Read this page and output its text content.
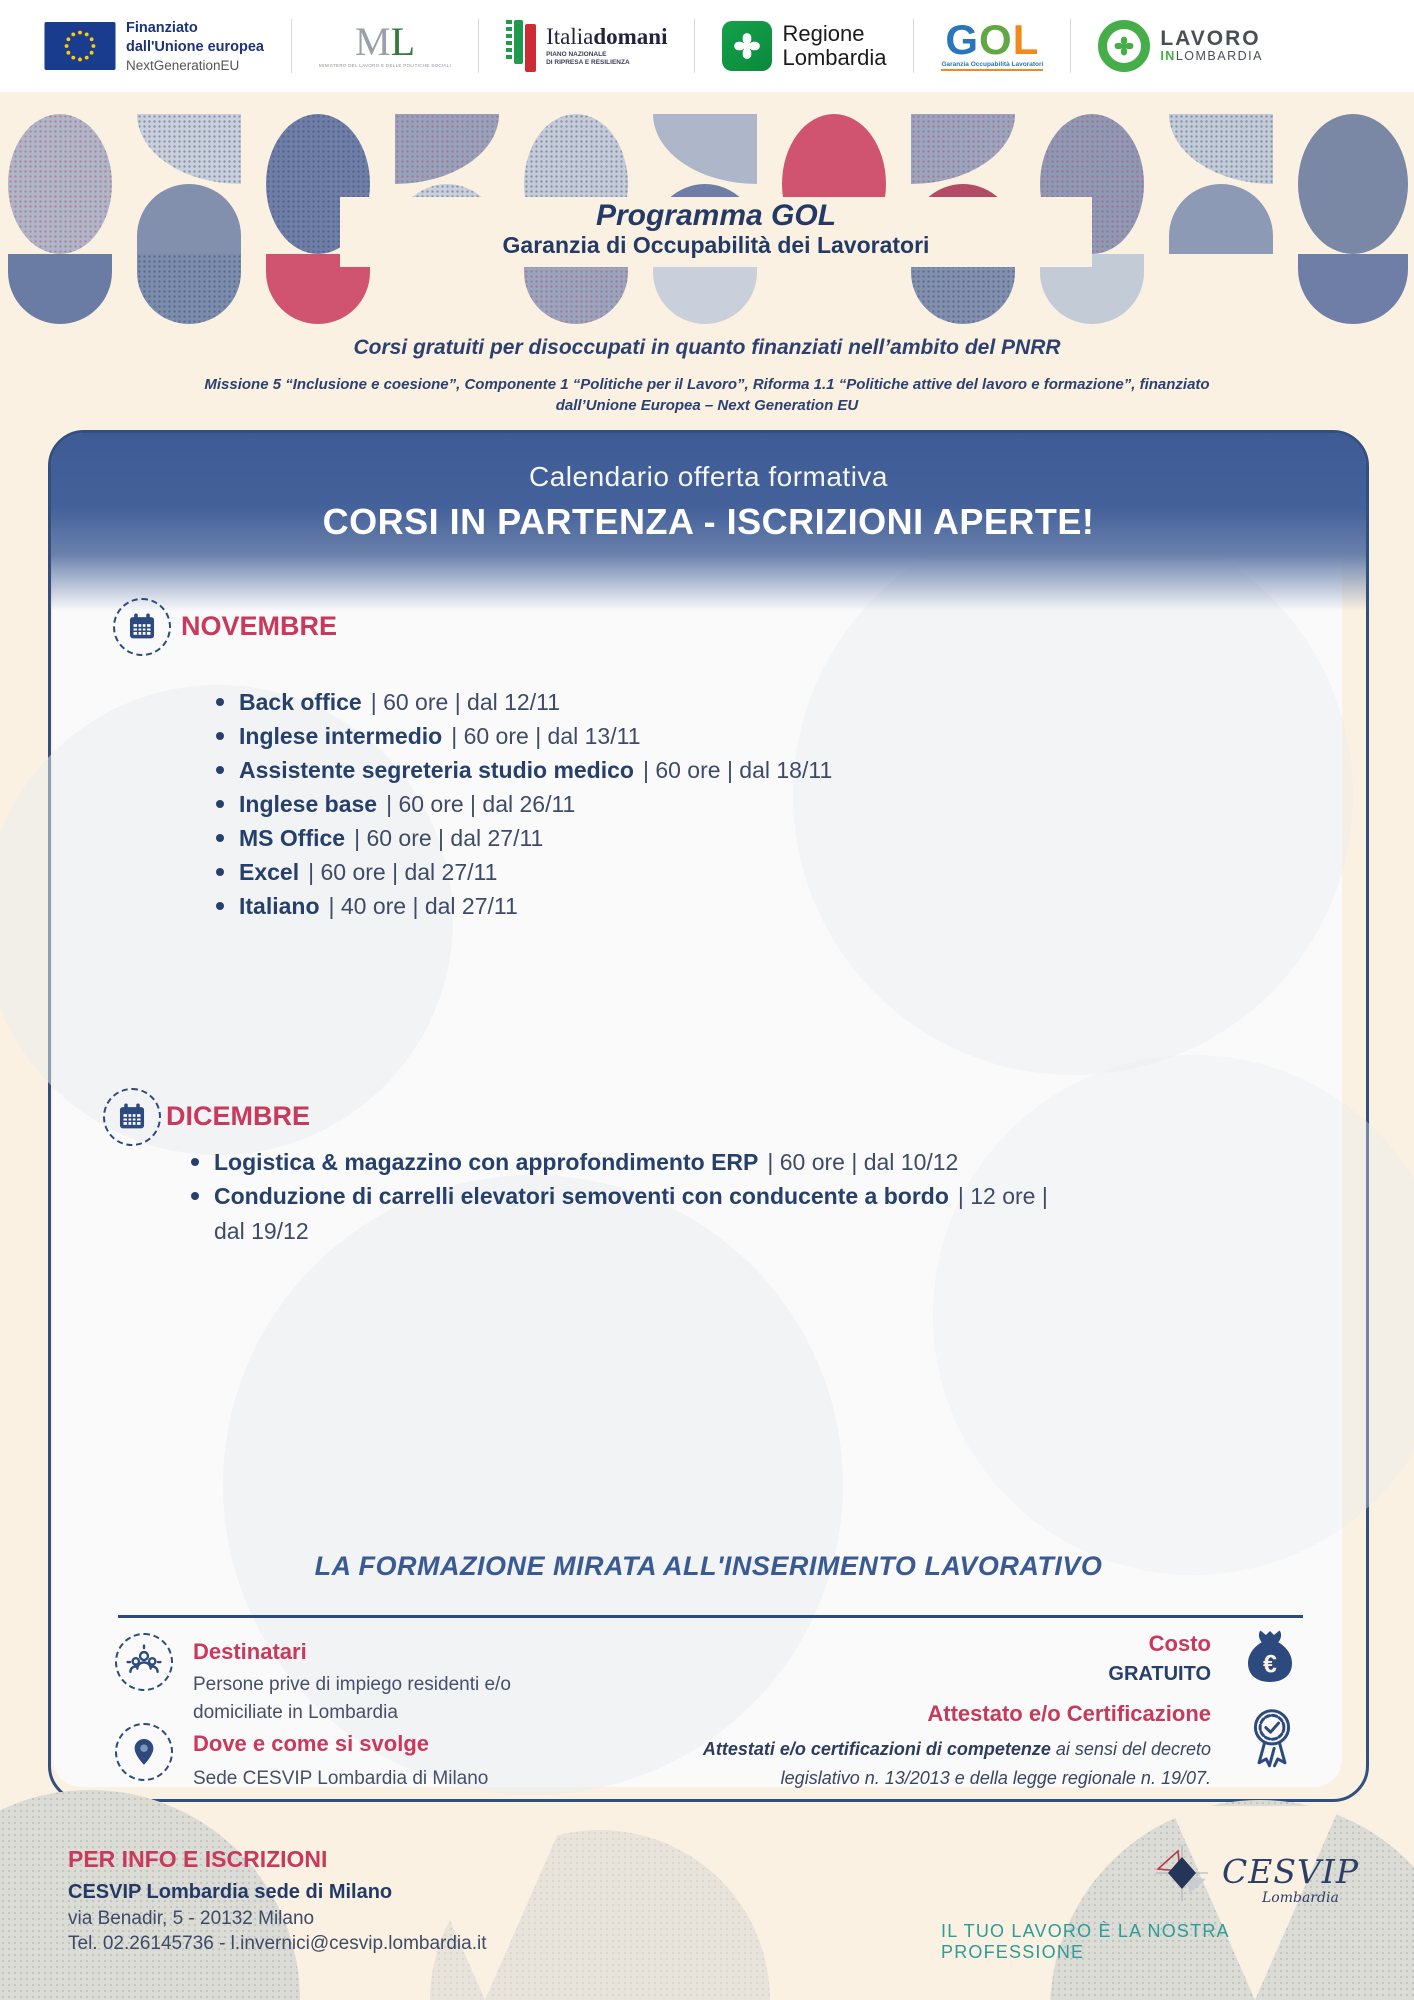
Finanziato
dall'Unione europea
NextGenerationEU
ML
MINISTERO DEL LAVORO E DELLE POLITICHE SOCIALI
Italiadomani
PIANO NAZIONALE
DI RIPRESA E RESILIENZA
Regione
Lombardia GOL
Garanzia Occupabilità Lavoratori
LAVORO
INLOMBARDIA
Programma GOL
Garanzia di Occupabilità dei Lavoratori
Corsi gratuiti per disoccupati in quanto finanziati nell’ambito del PNRR
Missione 5 “Inclusione e coesione”, Componente 1 “Politiche per il Lavoro”, Riforma 1.1 “Politiche attive del lavoro e formazione”, finanziato dall’Unione Europea – Next Generation EU
Calendario offerta formativa
CORSI IN PARTENZA - ISCRIZIONI APERTE!
NOVEMBRE

Back office | 60 ore | dal 12/11

Inglese intermedio | 60 ore | dal 13/11

Assistente segreteria studio medico | 60 ore | dal 18/11

Inglese base | 60 ore | dal 26/11

MS Office | 60 ore | dal 27/11

Excel | 60 ore | dal 27/11

Italiano | 40 ore | dal 27/11

DICEMBRE

Logistica & magazzino con approfondimento ERP | 60 ore | dal 10/12

Conduzione di carrelli elevatori semoventi con conducente a bordo | 12 ore | dal 19/12

LA FORMAZIONE MIRATA ALL'INSERIMENTO LAVORATIVO
Destinatari
Persone prive di impiego residenti e/o domiciliate in Lombardia
Dove e come si svolge
Sede CESVIP Lombardia di Milano
Costo
GRATUITO	€
Attestato e/o Certificazione
Attestati e/o certificazioni di competenze ai sensi del decreto legislativo n. 13/2013 e della legge regionale n. 19/07.
PER INFO E ISCRIZIONI
CESVIP Lombardia sede di Milano
via Benadir, 5 - 20132 Milano
Tel. 02.26145736 - l.invernici@cesvip.lombardia.it
CESVIP
Lombardia
IL TUO LAVORO È LA NOSTRA PROFESSIONE
